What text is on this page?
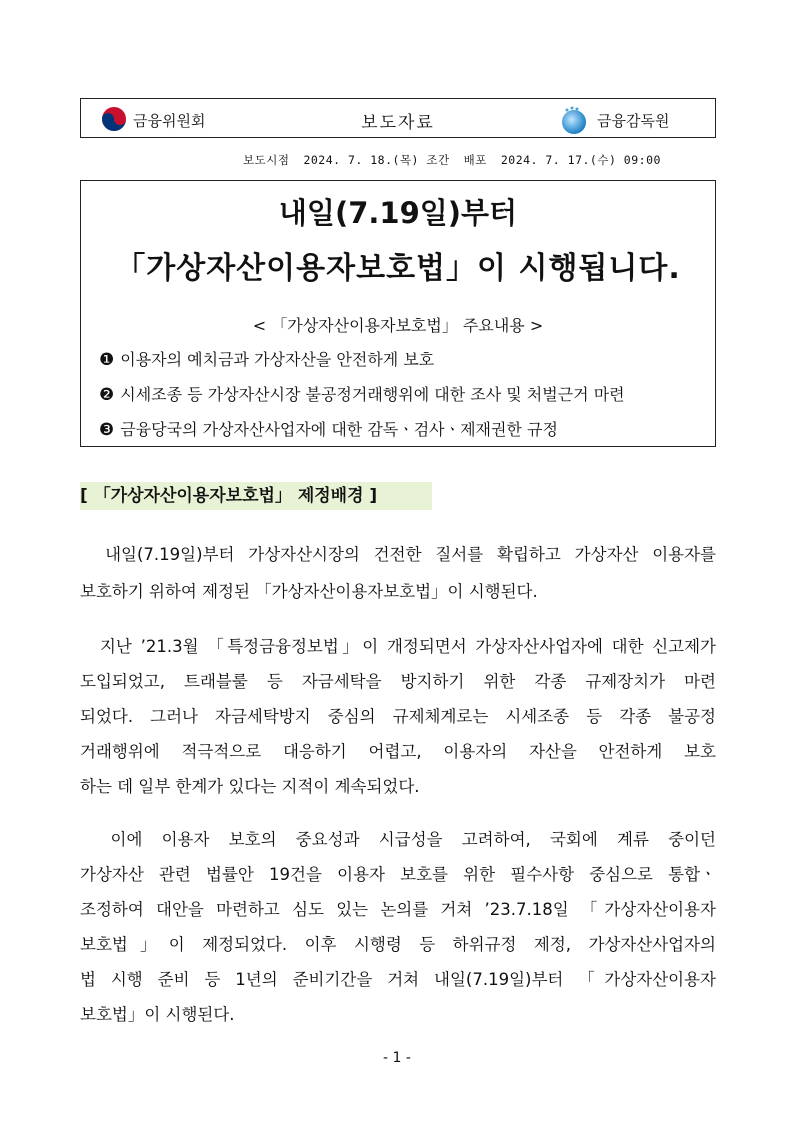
금융위원회	보도자료	금융감독원
보도시점 2024. 7. 18.(목) 조간 배포 2024. 7. 17.(수) 09:00
내일(7.19일)부터
「가상자산이용자보호법」이 시행됩니다.
< 「가상자산이용자보호법」 주요내용 >
❶ 이용자의 예치금과 가상자산을 안전하게 보호
❷ 시세조종 등 가상자산시장 불공정거래행위에 대한 조사 및 처벌근거 마련
❸ 금융당국의 가상자산사업자에 대한 감독ㆍ검사ㆍ제재권한 규정
[ 「가상자산이용자보호법」 제정배경 ]
　내일(7.19일)부터 가상자산시장의 건전한 질서를 확립하고 가상자산 이용자를
보호하기 위하여 제정된 「가상자산이용자보호법」이 시행된다.
　지난 ’21.3월 「특정금융정보법」이 개정되면서 가상자산사업자에 대한 신고제가
도입되었고, 트래블룰 등 자금세탁을 방지하기 위한 각종 규제장치가 마련
되었다. 그러나 자금세탁방지 중심의 규제체계로는 시세조종 등 각종 불공정
거래행위에 적극적으로 대응하기 어렵고, 이용자의 자산을 안전하게 보호
하는 데 일부 한계가 있다는 지적이 계속되었다.
　이에 이용자 보호의 중요성과 시급성을 고려하여, 국회에 계류 중이던
가상자산 관련 법률안 19건을 이용자 보호를 위한 필수사항 중심으로 통합ㆍ
조정하여 대안을 마련하고 심도 있는 논의를 거쳐 ’23.7.18일 「가상자산이용자
보호법」이 제정되었다. 이후 시행령 등 하위규정 제정, 가상자산사업자의
법 시행 준비 등 1년의 준비기간을 거쳐 내일(7.19일)부터 「가상자산이용자
보호법」이 시행된다.
- 1 -
